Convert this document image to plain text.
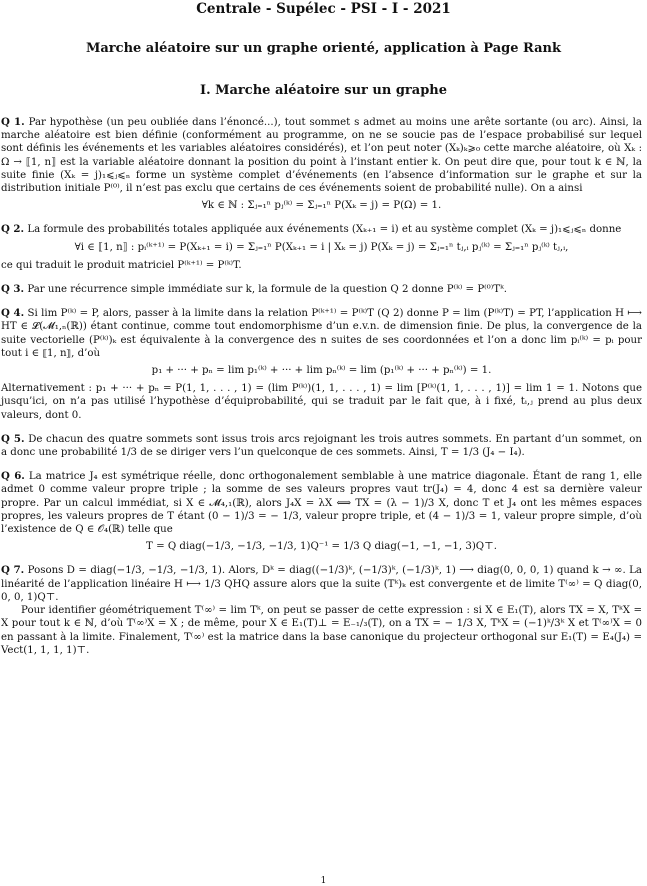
Centrale - Supélec - PSI - I - 2021
Marche aléatoire sur un graphe orienté, application à Page Rank
I. Marche aléatoire sur un graphe

Q 1. Par hypothèse (un peu oubliée dans l’énoncé...), tout sommet s admet au moins une arête sortante (ou arc). Ainsi, la marche aléatoire est bien définie (conformément au programme, on ne se soucie pas de l’espace probabilisé sur lequel sont définis les événements et les variables aléatoires considérés), et l’on peut noter (Xₖ)ₖ⩾₀ cette marche aléatoire, où Xₖ : Ω → ⟦1, n⟧ est la variable aléatoire donnant la position du point à l’instant entier k. On peut dire que, pour tout k ∈ ℕ, la suite finie (Xₖ = j)₁⩽ⱼ⩽ₙ forme un système complet d’événements (en l’absence d’information sur le graphe et sur la distribution initiale P⁽⁰⁾, il n’est pas exclu que certains de ces événements soient de probabilité nulle). On a ainsi

∀k ∈ ℕ : Σⱼ₌₁ⁿ pⱼ⁽ᵏ⁾ = Σⱼ₌₁ⁿ P(Xₖ = j) = P(Ω) = 1.

Q 2. La formule des probabilités totales appliquée aux événements (Xₖ₊₁ = i) et au système complet (Xₖ = j)₁⩽ⱼ⩽ₙ donne

∀i ∈ ⟦1, n⟧ : pᵢ⁽ᵏ⁺¹⁾ = P(Xₖ₊₁ = i) = Σⱼ₌₁ⁿ P(Xₖ₊₁ = i | Xₖ = j) P(Xₖ = j) = Σⱼ₌₁ⁿ tⱼ,ᵢ pⱼ⁽ᵏ⁾ = Σⱼ₌₁ⁿ pⱼ⁽ᵏ⁾ tⱼ,ᵢ,

ce qui traduit le produit matriciel P⁽ᵏ⁺¹⁾ = P⁽ᵏ⁾T.

Q 3. Par une récurrence simple immédiate sur k, la formule de la question Q 2 donne P⁽ᵏ⁾ = P⁽⁰⁾Tᵏ.

Q 4. Si lim P⁽ᵏ⁾ = P, alors, passer à la limite dans la relation P⁽ᵏ⁺¹⁾ = P⁽ᵏ⁾T (Q 2) donne P = lim (P⁽ᵏ⁾T) = PT, l’application H ⟼ HT ∈ 𝓛(𝓜₁,ₙ(ℝ)) étant continue, comme tout endomorphisme d’un e.v.n. de dimension finie. De plus, la convergence de la suite vectorielle (P⁽ᵏ⁾)ₖ est équivalente à la convergence des n suites de ses coordonnées et l’on a donc lim pᵢ⁽ᵏ⁾ = pᵢ pour tout i ∈ ⟦1, n⟧, d’où

p₁ + ··· + pₙ = lim p₁⁽ᵏ⁾ + ··· + lim pₙ⁽ᵏ⁾ = lim (p₁⁽ᵏ⁾ + ··· + pₙ⁽ᵏ⁾) = 1.

Alternativement : p₁ + ··· + pₙ = P(1, 1, . . . , 1) = (lim P⁽ᵏ⁾)(1, 1, . . . , 1) = lim [P⁽ᵏ⁾(1, 1, . . . , 1)] = lim 1 = 1. Notons que jusqu’ici, on n’a pas utilisé l’hypothèse d’équiprobabilité, qui se traduit par le fait que, à i fixé, tᵢ,ⱼ prend au plus deux valeurs, dont 0.

Q 5. De chacun des quatre sommets sont issus trois arcs rejoignant les trois autres sommets. En partant d’un sommet, on a donc une probabilité 1/3 de se diriger vers l’un quelconque de ces sommets. Ainsi, T = 1/3 (J₄ − I₄).

Q 6. La matrice J₄ est symétrique réelle, donc orthogonalement semblable à une matrice diagonale. Étant de rang 1, elle admet 0 comme valeur propre triple ; la somme de ses valeurs propres vaut tr(J₄) = 4, donc 4 est sa dernière valeur propre. Par un calcul immédiat, si X ∈ 𝓜₄,₁(ℝ), alors J₄X = λX ⟺ TX = (λ − 1)/3 X, donc T et J₄ ont les mêmes espaces propres, les valeurs propres de T étant (0 − 1)/3 = − 1/3, valeur propre triple, et (4 − 1)/3 = 1, valeur propre simple, d’où l’existence de Q ∈ 𝒪₄(ℝ) telle que

T = Q diag(−1/3, −1/3, −1/3, 1)Q⁻¹ = 1/3 Q diag(−1, −1, −1, 3)Q⊤.

Q 7. Posons D = diag(−1/3, −1/3, −1/3, 1). Alors, Dᵏ = diag((−1/3)ᵏ, (−1/3)ᵏ, (−1/3)ᵏ, 1) ⟶ diag(0, 0, 0, 1) quand k → ∞. La linéarité de l’application linéaire H ⟼ 1/3 QHQ assure alors que la suite (Tᵏ)ₖ est convergente et de limite T⁽∞⁾ = Q diag(0, 0, 0, 1)Q⊤.

Pour identifier géométriquement T⁽∞⁾ = lim Tᵏ, on peut se passer de cette expression : si X ∈ E₁(T), alors TX = X, TᵏX = X pour tout k ∈ ℕ, d’où T⁽∞⁾X = X ; de même, pour X ∈ E₁(T)⊥ = E₋₁/₃(T), on a TX = − 1/3 X, TᵏX = (−1)ᵏ/3ᵏ X et T⁽∞⁾X = 0 en passant à la limite. Finalement, T⁽∞⁾ est la matrice dans la base canonique du projecteur orthogonal sur E₁(T) = E₄(J₄) = Vect(1, 1, 1, 1)⊤.

1
